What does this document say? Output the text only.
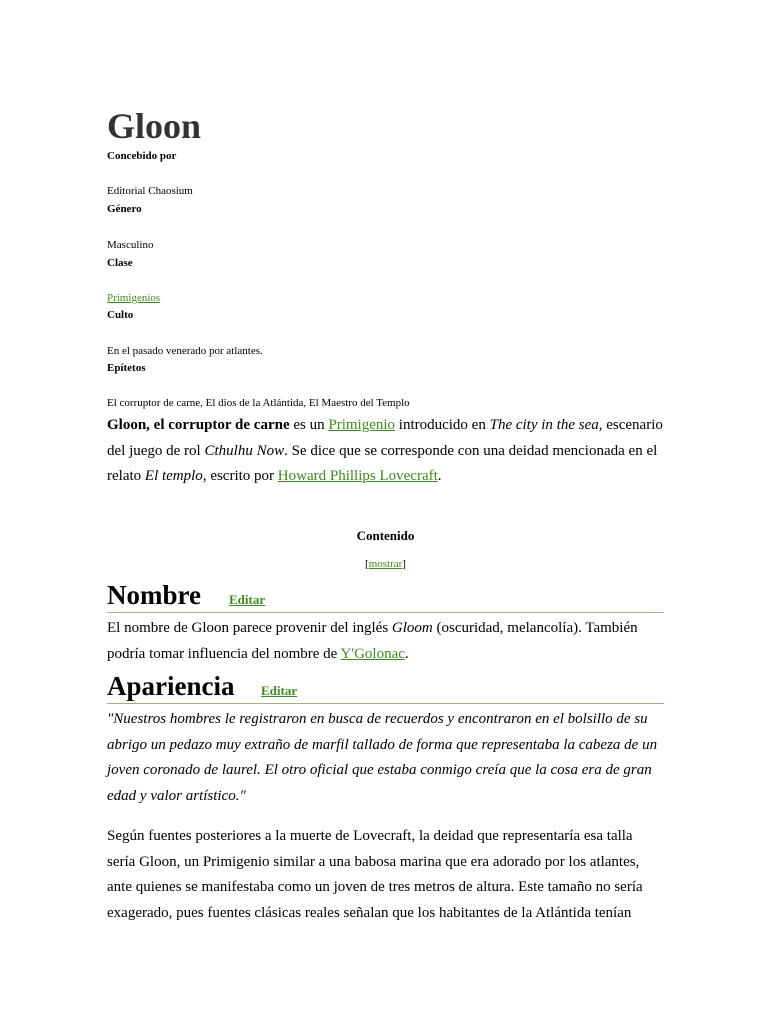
Gloon
Concebido por
Editorial Chaosium
Género
Masculino
Clase
Primigenios
Culto
En el pasado venerado por atlantes.
Epítetos
El corruptor de carne, El dios de la Atlántida, El Maestro del Templo

Gloon, el corruptor de carne es un Primigenio introducido en The city in the sea, escenario del juego de rol Cthulhu Now. Se dice que se corresponde con una deidad mencionada en el relato El templo, escrito por Howard Phillips Lovecraft.

Contenido
[mostrar]
Nombre Editar

El nombre de Gloon parece provenir del inglés Gloom (oscuridad, melancolía). También podría tomar influencia del nombre de Y'Golonac.

Apariencia Editar

"Nuestros hombres le registraron en busca de recuerdos y encontraron en el bolsillo de su abrigo un pedazo muy extraño de marfil tallado de forma que representaba la cabeza de un joven coronado de laurel. El otro oficial que estaba conmigo creía que la cosa era de gran edad y valor artístico."

Según fuentes posteriores a la muerte de Lovecraft, la deidad que representaría esa talla sería Gloon, un Primigenio similar a una babosa marina que era adorado por los atlantes, ante quienes se manifestaba como un joven de tres metros de altura. Este tamaño no sería exagerado, pues fuentes clásicas reales señalan que los habitantes de la Atlántida tenían
